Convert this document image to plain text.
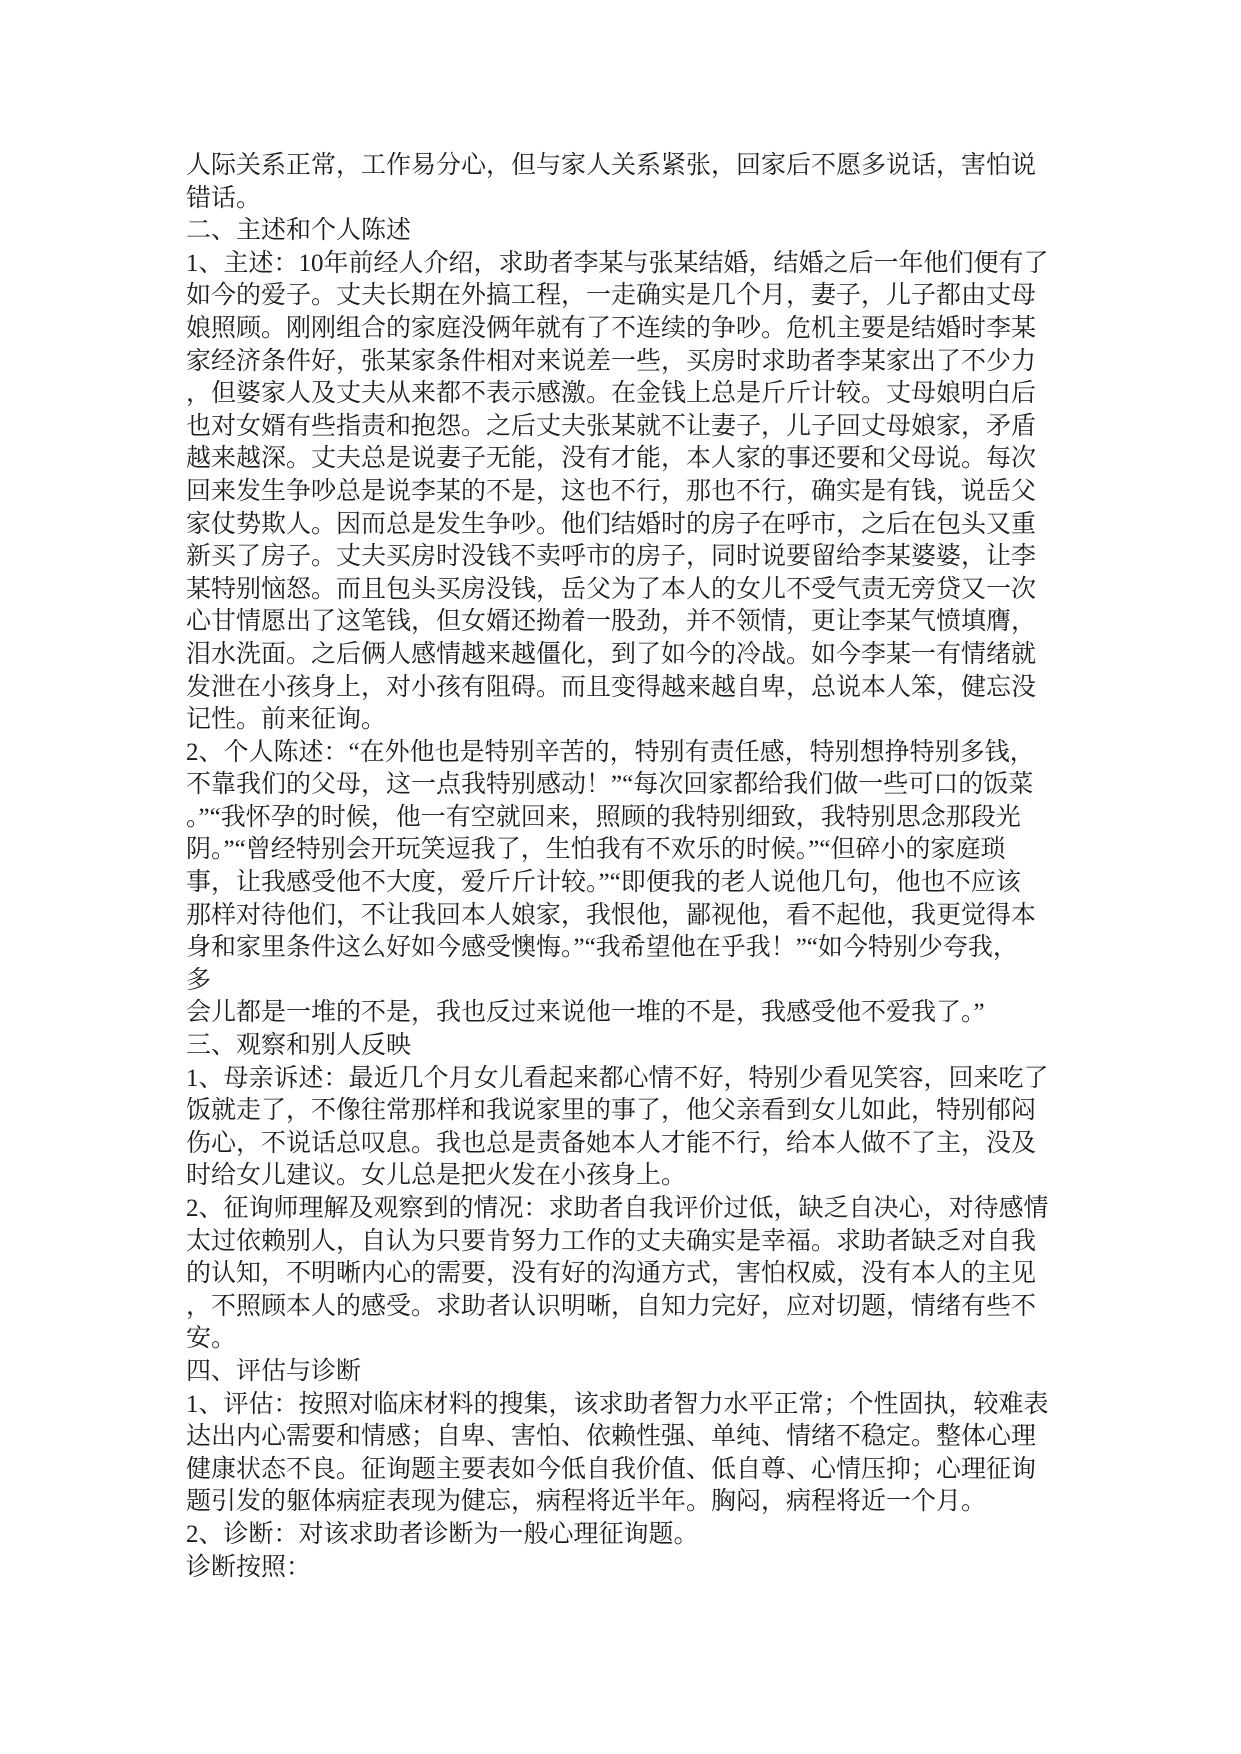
人际关系正常，工作易分心，但与家人关系紧张，回家后不愿多说话，害怕说
错话。
二、主述和个人陈述
1、主述：10年前经人介绍，求助者李某与张某结婚，结婚之后一年他们便有了
如今的爱子。丈夫长期在外搞工程，一走确实是几个月，妻子，儿子都由丈母
娘照顾。刚刚组合的家庭没俩年就有了不连续的争吵。危机主要是结婚时李某
家经济条件好，张某家条件相对来说差一些，买房时求助者李某家出了不少力
，但婆家人及丈夫从来都不表示感激。在金钱上总是斤斤计较。丈母娘明白后
也对女婿有些指责和抱怨。之后丈夫张某就不让妻子，儿子回丈母娘家，矛盾
越来越深。丈夫总是说妻子无能，没有才能，本人家的事还要和父母说。每次
回来发生争吵总是说李某的不是，这也不行，那也不行，确实是有钱，说岳父
家仗势欺人。因而总是发生争吵。他们结婚时的房子在呼市，之后在包头又重
新买了房子。丈夫买房时没钱不卖呼市的房子，同时说要留给李某婆婆，让李
某特别恼怒。而且包头买房没钱，岳父为了本人的女儿不受气责无旁贷又一次
心甘情愿出了这笔钱，但女婿还拗着一股劲，并不领情，更让李某气愤填膺，
泪水洗面。之后俩人感情越来越僵化，到了如今的冷战。如今李某一有情绪就
发泄在小孩身上，对小孩有阻碍。而且变得越来越自卑，总说本人笨，健忘没
记性。前来征询。
2、个人陈述：“在外他也是特别辛苦的，特别有责任感，特别想挣特别多钱，
不靠我们的父母，这一点我特别感动！”“每次回家都给我们做一些可口的饭菜
。”“我怀孕的时候，他一有空就回来，照顾的我特别细致，我特别思念那段光
阴。”“曾经特别会开玩笑逗我了，生怕我有不欢乐的时候。”“但碎小的家庭琐
事，让我感受他不大度，爱斤斤计较。”“即便我的老人说他几句，他也不应该
那样对待他们，不让我回本人娘家，我恨他，鄙视他，看不起他，我更觉得本
身和家里条件这么好如今感受懊悔。”“我希望他在乎我！”“如今特别少夸我，
多
会儿都是一堆的不是，我也反过来说他一堆的不是，我感受他不爱我了。”
三、观察和别人反映
1、母亲诉述：最近几个月女儿看起来都心情不好，特别少看见笑容，回来吃了
饭就走了，不像往常那样和我说家里的事了，他父亲看到女儿如此，特别郁闷
伤心，不说话总叹息。我也总是责备她本人才能不行，给本人做不了主，没及
时给女儿建议。女儿总是把火发在小孩身上。
2、征询师理解及观察到的情况：求助者自我评价过低，缺乏自决心，对待感情
太过依赖别人，自认为只要肯努力工作的丈夫确实是幸福。求助者缺乏对自我
的认知，不明晰内心的需要，没有好的沟通方式，害怕权威，没有本人的主见
，不照顾本人的感受。求助者认识明晰，自知力完好，应对切题，情绪有些不
安。
四、评估与诊断
1、评估：按照对临床材料的搜集，该求助者智力水平正常；个性固执，较难表
达出内心需要和情感；自卑、害怕、依赖性强、单纯、情绪不稳定。整体心理
健康状态不良。征询题主要表如今低自我价值、低自尊、心情压抑；心理征询
题引发的躯体病症表现为健忘，病程将近半年。胸闷，病程将近一个月。
2、诊断：对该求助者诊断为一般心理征询题。
诊断按照：
